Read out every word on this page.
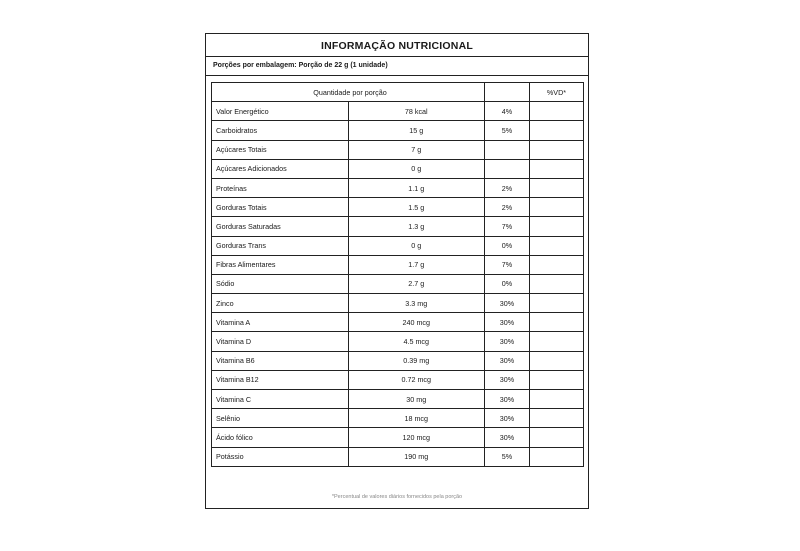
INFORMAÇÃO NUTRICIONAL
Porções por embalagem: Porção de 22 g (1 unidade)
Quantidade por porção			%VD*
Valor Energético	78 kcal	4%	
Carboidratos	15 g	5%	
Açúcares Totais	7 g		
Açúcares Adicionados	0 g		
Proteínas	1.1 g	2%	
Gorduras Totais	1.5 g	2%	
Gorduras Saturadas	1.3 g	7%	
Gorduras Trans	0 g	0%	
Fibras Alimentares	1.7 g	7%	
Sódio	2.7 g	0%	
Zinco	3.3 mg	30%	
Vitamina A	240 mcg	30%	
Vitamina D	4.5 mcg	30%	
Vitamina B6	0.39 mg	30%	
Vitamina B12	0.72 mcg	30%	
Vitamina C	30 mg	30%	
Selênio	18 mcg	30%	
Ácido fólico	120 mcg	30%	
Potássio	190 mg	5%	
*Percentual de valores diários fornecidos pela porção
